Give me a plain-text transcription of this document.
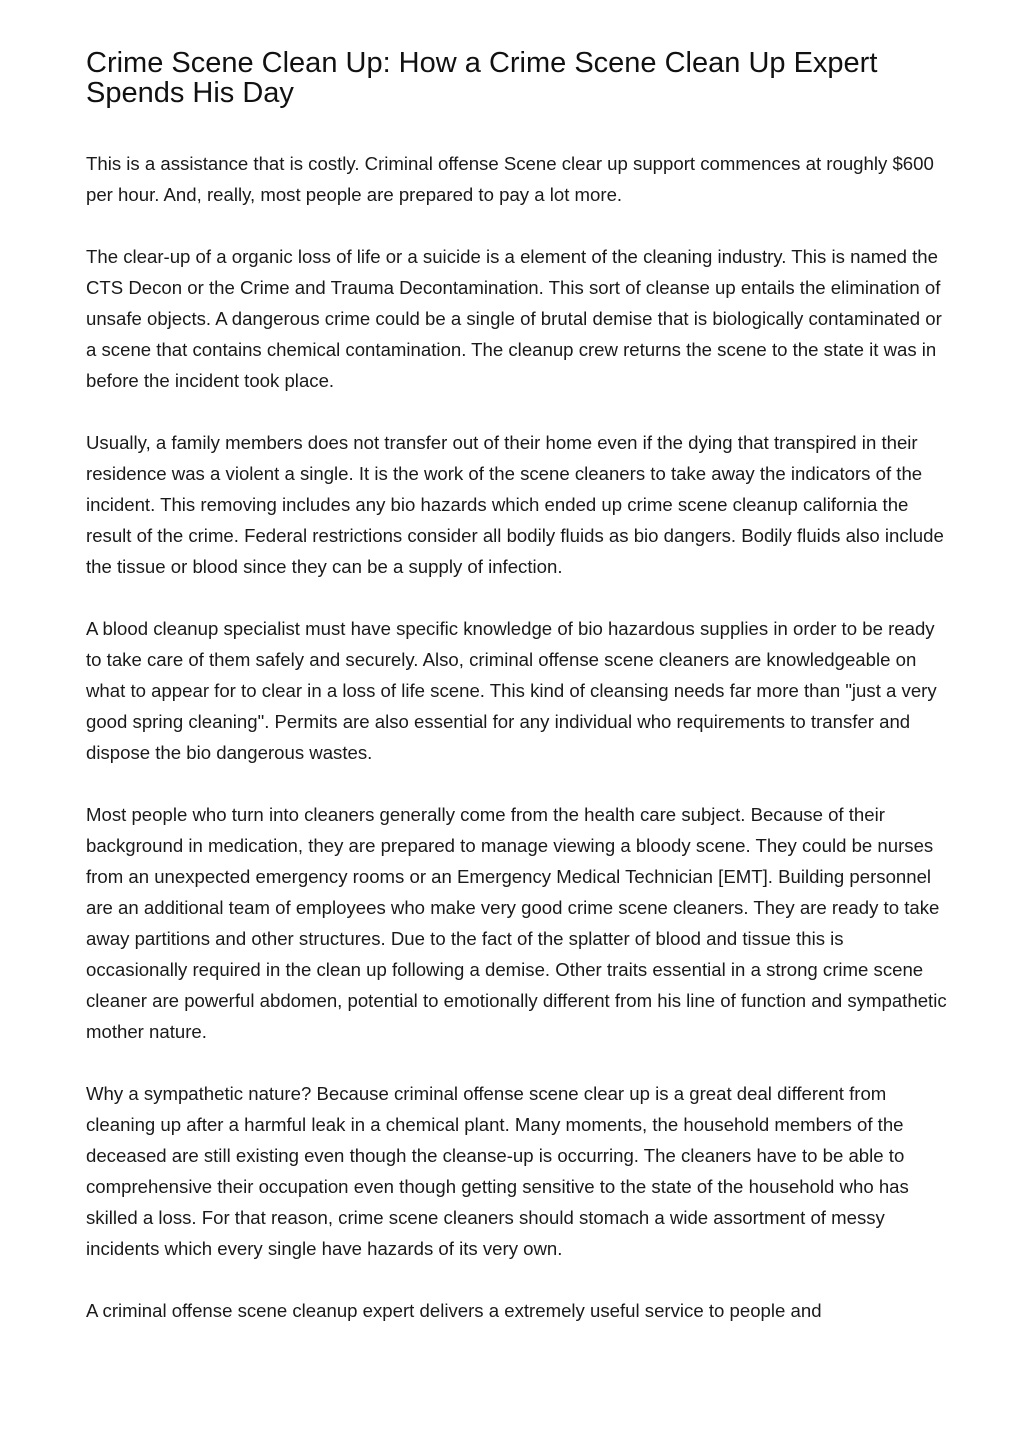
Crime Scene Clean Up: How a Crime Scene Clean Up Expert Spends His Day

This is a assistance that is costly. Criminal offense Scene clear up support commences at roughly $600 per hour. And, really, most people are prepared to pay a lot more.

The clear-up of a organic loss of life or a suicide is a element of the cleaning industry. This is named the CTS Decon or the Crime and Trauma Decontamination. This sort of cleanse up entails the elimination of unsafe objects. A dangerous crime could be a single of brutal demise that is biologically contaminated or a scene that contains chemical contamination. The cleanup crew returns the scene to the state it was in before the incident took place.

Usually, a family members does not transfer out of their home even if the dying that transpired in their residence was a violent a single. It is the work of the scene cleaners to take away the indicators of the incident. This removing includes any bio hazards which ended up crime scene cleanup california the result of the crime. Federal restrictions consider all bodily fluids as bio dangers. Bodily fluids also include the tissue or blood since they can be a supply of infection.

A blood cleanup specialist must have specific knowledge of bio hazardous supplies in order to be ready to take care of them safely and securely. Also, criminal offense scene cleaners are knowledgeable on what to appear for to clear in a loss of life scene. This kind of cleansing needs far more than "just a very good spring cleaning". Permits are also essential for any individual who requirements to transfer and dispose the bio dangerous wastes.

Most people who turn into cleaners generally come from the health care subject. Because of their background in medication, they are prepared to manage viewing a bloody scene. They could be nurses from an unexpected emergency rooms or an Emergency Medical Technician [EMT]. Building personnel are an additional team of employees who make very good crime scene cleaners. They are ready to take away partitions and other structures. Due to the fact of the splatter of blood and tissue this is occasionally required in the clean up following a demise. Other traits essential in a strong crime scene cleaner are powerful abdomen, potential to emotionally different from his line of function and sympathetic mother nature.

Why a sympathetic nature? Because criminal offense scene clear up is a great deal different from cleaning up after a harmful leak in a chemical plant. Many moments, the household members of the deceased are still existing even though the cleanse-up is occurring. The cleaners have to be able to comprehensive their occupation even though getting sensitive to the state of the household who has skilled a loss. For that reason, crime scene cleaners should stomach a wide assortment of messy incidents which every single have hazards of its very own.

A criminal offense scene cleanup expert delivers a extremely useful service to people and
